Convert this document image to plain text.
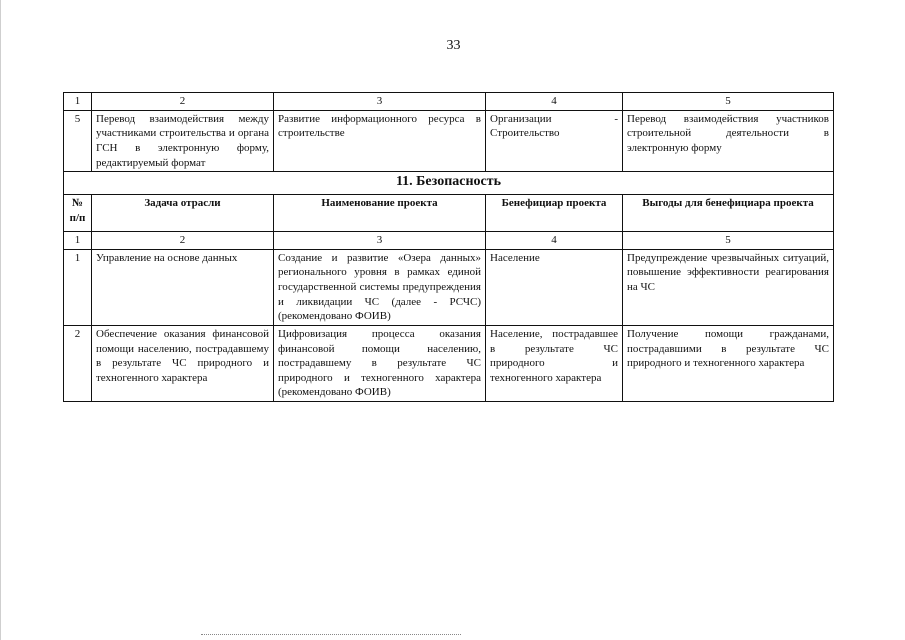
33
1	2	3	4	5
5	Перевод взаимодействия между участниками строительства и органа ГСН в электронную форму, редактируемый формат	Развитие информационного ресурса в строительстве	Организации - Строительство	Перевод взаимодействия участников строительной деятельности в электронную форму
11. Безопасность				
№ п/п	Задача отрасли	Наименование проекта	Бенефициар проекта	Выгоды для бенефициара проекта
1	2	3	4	5
1	Управление на основе данных	Создание и развитие «Озера данных» регионального уровня в рамках единой государственной системы предупреждения и ликвидации ЧС (далее - РСЧС) (рекомендовано ФОИВ)	Население	Предупреждение чрезвычайных ситуаций, повышение эффективности реагирования на ЧС
2	Обеспечение оказания финансовой помощи населению, пострадавшему в результате ЧС природного и техногенного характера	Цифровизация процесса оказания финансовой помощи населению, пострадавшему в результате ЧС природного и техногенного характера (рекомендовано ФОИВ)	Население, пострадавшее в результате ЧС природного и техногенного характера	Получение помощи гражданами, пострадавшими в результате ЧС природного и техногенного характера
